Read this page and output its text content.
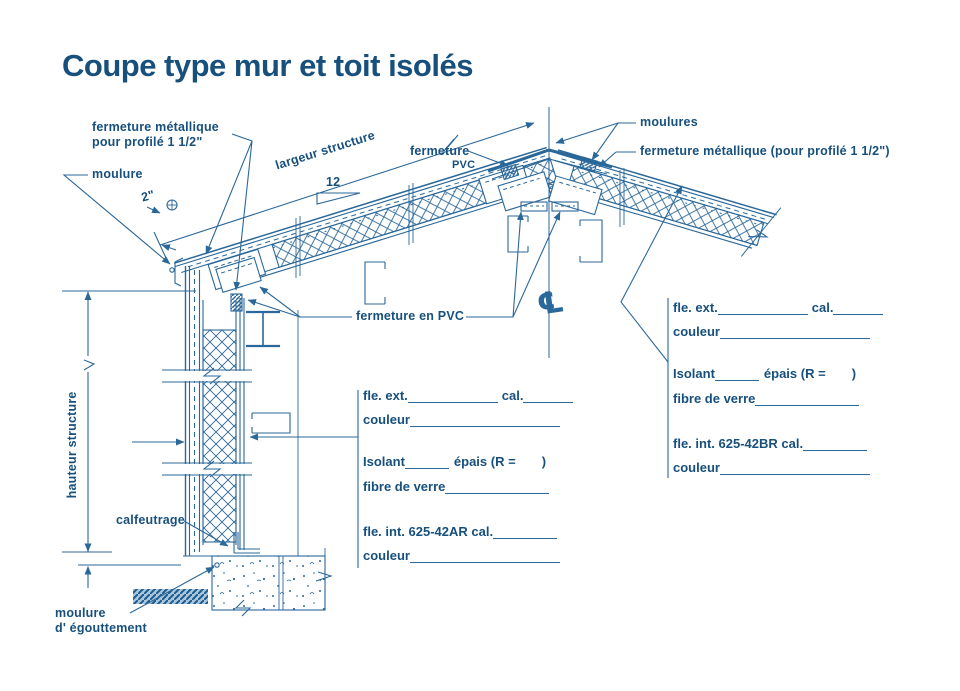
Coupe type mur et toit isolés
fermeture métallique
pour profilé 1 1/2"
moulure
largeur structure
12
2"
fermeture
PVC
moulures
fermeture métallique (pour profilé 1 1/2")
fermeture en PVC
hauteur structure
calfeutrage
moulure
d' égouttement
℄
fle. ext.	cal.
couleur
Isolant	épais (R = )
fibre de verre
fle. int. 625-42AR cal.
couleur
fle. ext.	cal.
couleur
Isolant	épais (R = )
fibre de verre
fle. int. 625-42BR cal.
couleur
